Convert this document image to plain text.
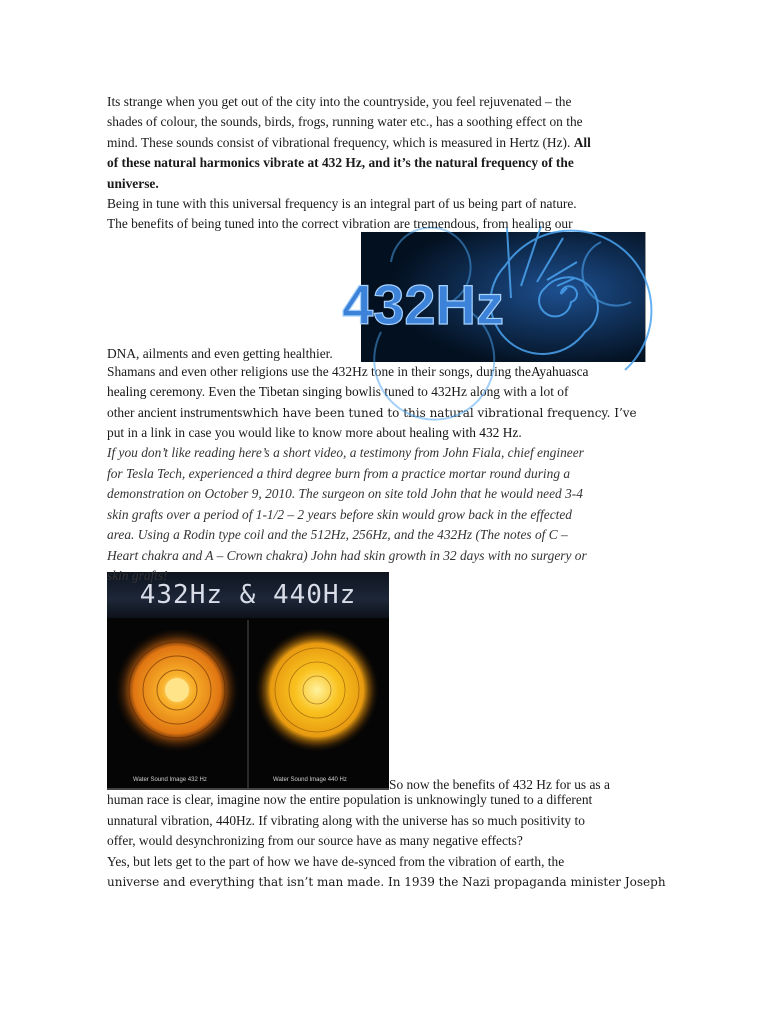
Its strange when you get out of the city into the countryside, you feel rejuvenated – the
shades of colour, the sounds, birds, frogs, running water etc., has a soothing effect on the
mind. These sounds consist of vibrational frequency, which is measured in Hertz (Hz). All
of these natural harmonics vibrate at 432 Hz, and it’s the natural frequency of the
universe.

Being in tune with this universal frequency is an integral part of us being part of nature.
The benefits of being tuned into the correct vibration are tremendous, from healing our

DNA, ailments and even getting healthier.
432Hz

Shamans and even other religions use the 432Hz tone in their songs, during theAyahuasca
healing ceremony. Even the Tibetan singing bowlis tuned to 432Hz along with a lot of
other ancient instrumentswhich have been tuned to this natural vibrational frequency. I’ve
put in a link in case you would like to know more about healing with 432 Hz.

If you don’t like reading here’s a short video, a testimony from John Fiala, chief engineer
for Tesla Tech, experienced a third degree burn from a practice mortar round during a
demonstration on October 9, 2010. The surgeon on site told John that he would need 3-4
skin grafts over a period of 1-1/2 – 2 years before skin would grow back in the effected
area. Using a Rodin type coil and the 512Hz, 256Hz, and the 432Hz (The notes of C –
Heart chakra and A – Crown chakra) John had skin growth in 32 days with no surgery or
skin grafts!

432Hz & 440Hz
Water Sound Image 432 Hz	Water Sound Image 440 Hz	So now the benefits of 432 Hz for us as a

human race is clear, imagine now the entire population is unknowingly tuned to a different
unnatural vibration, 440Hz. If vibrating along with the universe has so much positivity to
offer, would desynchronizing from our source have as many negative effects?

Yes, but lets get to the part of how we have de-synced from the vibration of earth, the
universe and everything that isn’t man made. In 1939 the Nazi propaganda minister Joseph
